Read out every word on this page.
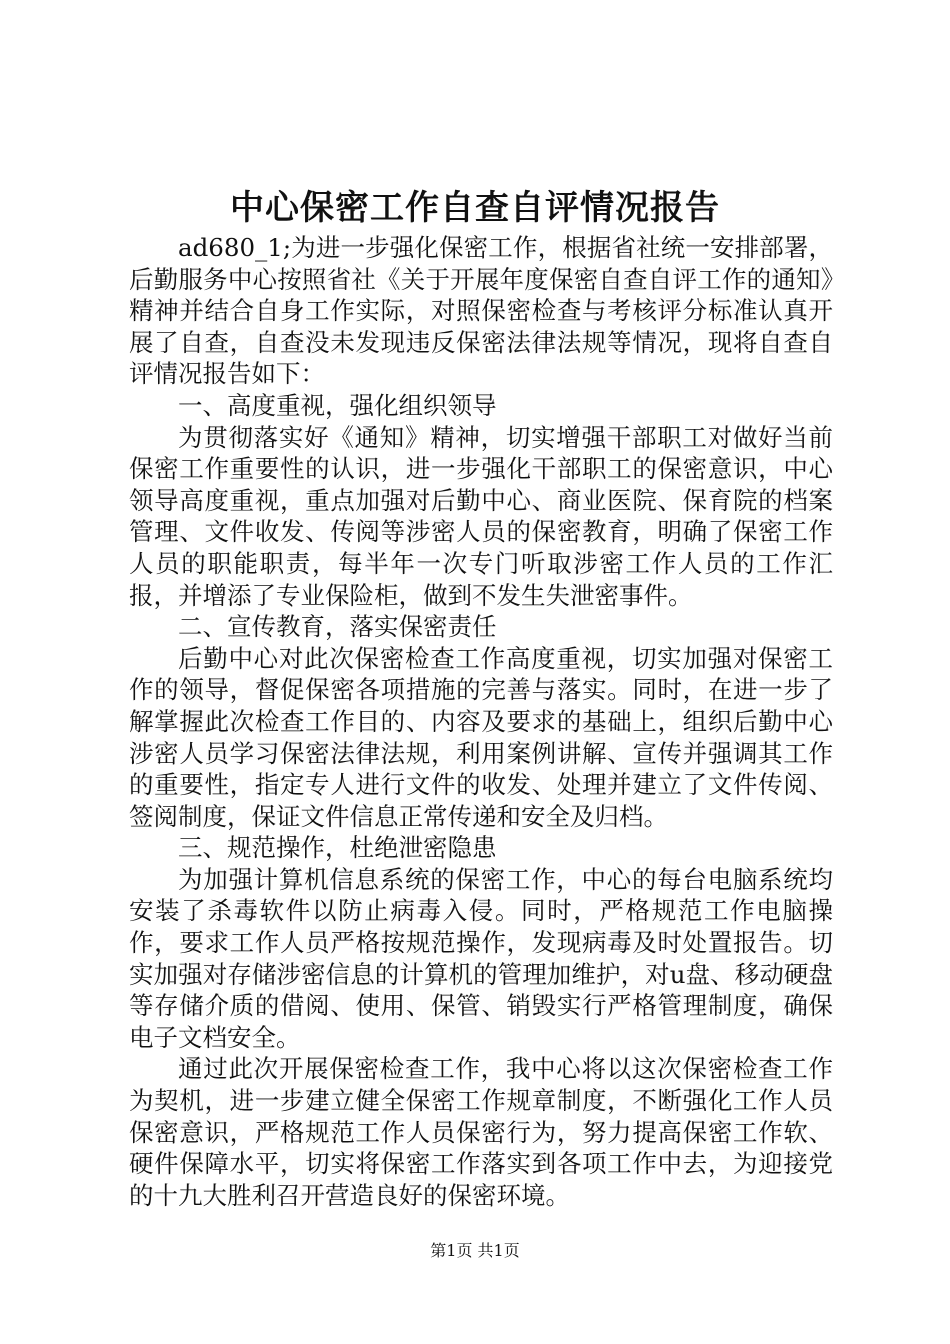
中心保密工作自查自评情况报告

ad680_1;为进一步强化保密工作，根据省社统一安排部署，后勤服务中心按照省社《关于开展年度保密自查自评工作的通知》精神并结合自身工作实际，对照保密检查与考核评分标准认真开展了自查，自查没未发现违反保密法律法规等情况，现将自查自评情况报告如下：

一、高度重视，强化组织领导

为贯彻落实好《通知》精神，切实增强干部职工对做好当前保密工作重要性的认识，进一步强化干部职工的保密意识，中心领导高度重视，重点加强对后勤中心、商业医院、保育院的档案管理、文件收发、传阅等涉密人员的保密教育，明确了保密工作人员的职能职责，每半年一次专门听取涉密工作人员的工作汇报，并增添了专业保险柜，做到不发生失泄密事件。

二、宣传教育，落实保密责任

后勤中心对此次保密检查工作高度重视，切实加强对保密工作的领导，督促保密各项措施的完善与落实。同时，在进一步了解掌握此次检查工作目的、内容及要求的基础上，组织后勤中心涉密人员学习保密法律法规，利用案例讲解、宣传并强调其工作的重要性，指定专人进行文件的收发、处理并建立了文件传阅、签阅制度，保证文件信息正常传递和安全及归档。

三、规范操作，杜绝泄密隐患

为加强计算机信息系统的保密工作，中心的每台电脑系统均安装了杀毒软件以防止病毒入侵。同时，严格规范工作电脑操作，要求工作人员严格按规范操作，发现病毒及时处置报告。切实加强对存储涉密信息的计算机的管理加维护，对u盘、移动硬盘等存储介质的借阅、使用、保管、销毁实行严格管理制度，确保电子文档安全。

通过此次开展保密检查工作，我中心将以这次保密检查工作为契机，进一步建立健全保密工作规章制度，不断强化工作人员保密意识，严格规范工作人员保密行为，努力提高保密工作软、硬件保障水平，切实将保密工作落实到各项工作中去，为迎接党的十九大胜利召开营造良好的保密环境。

第1页 共1页
